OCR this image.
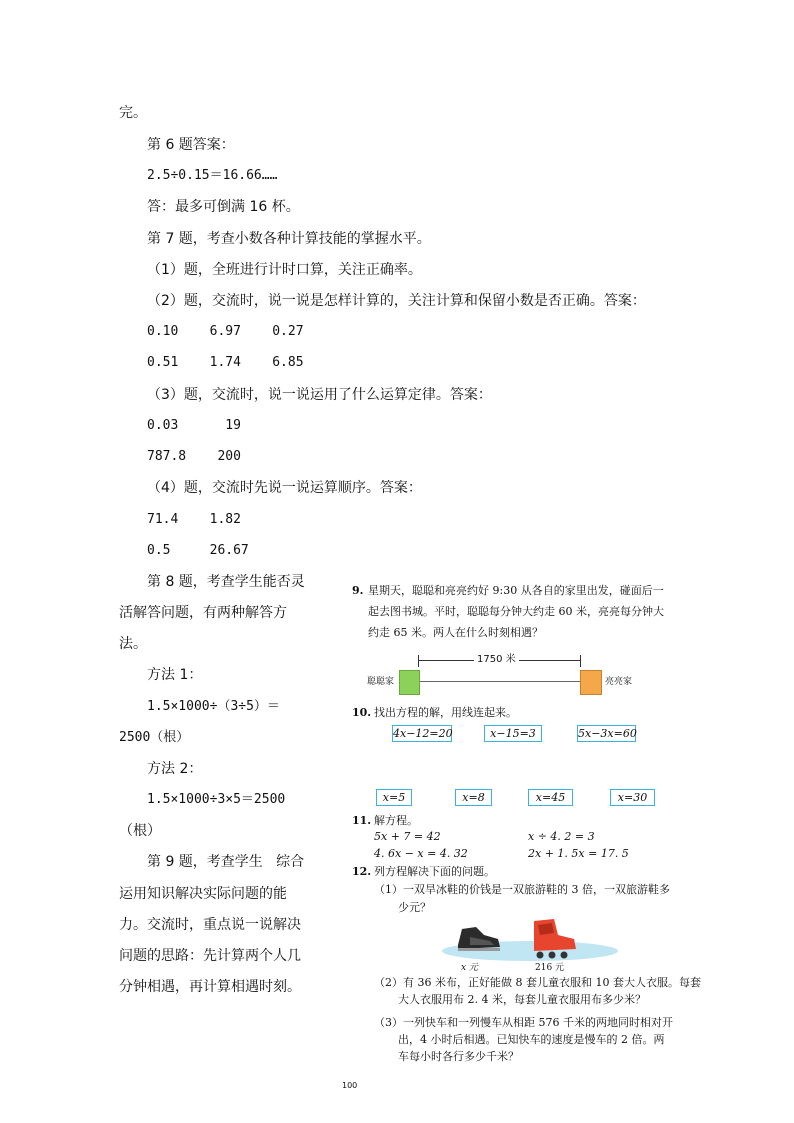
完。
第 6 题答案：
2.5÷0.15＝16.66……
答：最多可倒满 16 杯。
第 7 题，考查小数各种计算技能的掌握水平。
（1）题，全班进行计时口算，关注正确率。
（2）题，交流时，说一说是怎样计算的，关注计算和保留小数是否正确。答案：
0.10    6.97    0.27
0.51    1.74    6.85
（3）题，交流时，说一说运用了什么运算定律。答案：
0.03      19
787.8    200
（4）题，交流时先说一说运算顺序。答案：
71.4    1.82
0.5     26.67
第 8 题，考查学生能否灵
活解答问题，有两种解答方
法。
方法 1：
1.5×1000÷（3÷5）＝
2500（根）
方法 2：
1.5×1000÷3×5＝2500
（根）
第 9 题，考查学生   综合
运用知识解决实际问题的能
力。交流时，重点说一说解决
问题的思路：先计算两个人几
分钟相遇，再计算相遇时刻。
9. 星期天，聪聪和亮亮约好 9:30 从各自的家里出发，碰面后一
起去图书城。平时，聪聪每分钟大约走 60 米，亮亮每分钟大
约走 65 米。两人在什么时刻相遇？
1750 米
聪聪家	亮亮家
10. 找出方程的解，用线连起来。
4x−12=20	x−15=3	5x−3x=60
x=5	x=8	x=45	x=30
11. 解方程。
5x + 7 = 42	x ÷ 4. 2 = 3
4. 6x − x = 4. 32	2x + 1. 5x = 17. 5
12. 列方程解决下面的问题。
（1）一双旱冰鞋的价钱是一双旅游鞋的 3 倍，一双旅游鞋多
少元？
x 元	216 元
（2）有 36 米布，正好能做 8 套儿童衣服和 10 套大人衣服。每套
大人衣服用布 2. 4 米，每套儿童衣服用布多少米？
（3）一列快车和一列慢车从相距 576 千米的两地同时相对开
出，4 小时后相遇。已知快车的速度是慢车的 2 倍。两
车每小时各行多少千米？
100
